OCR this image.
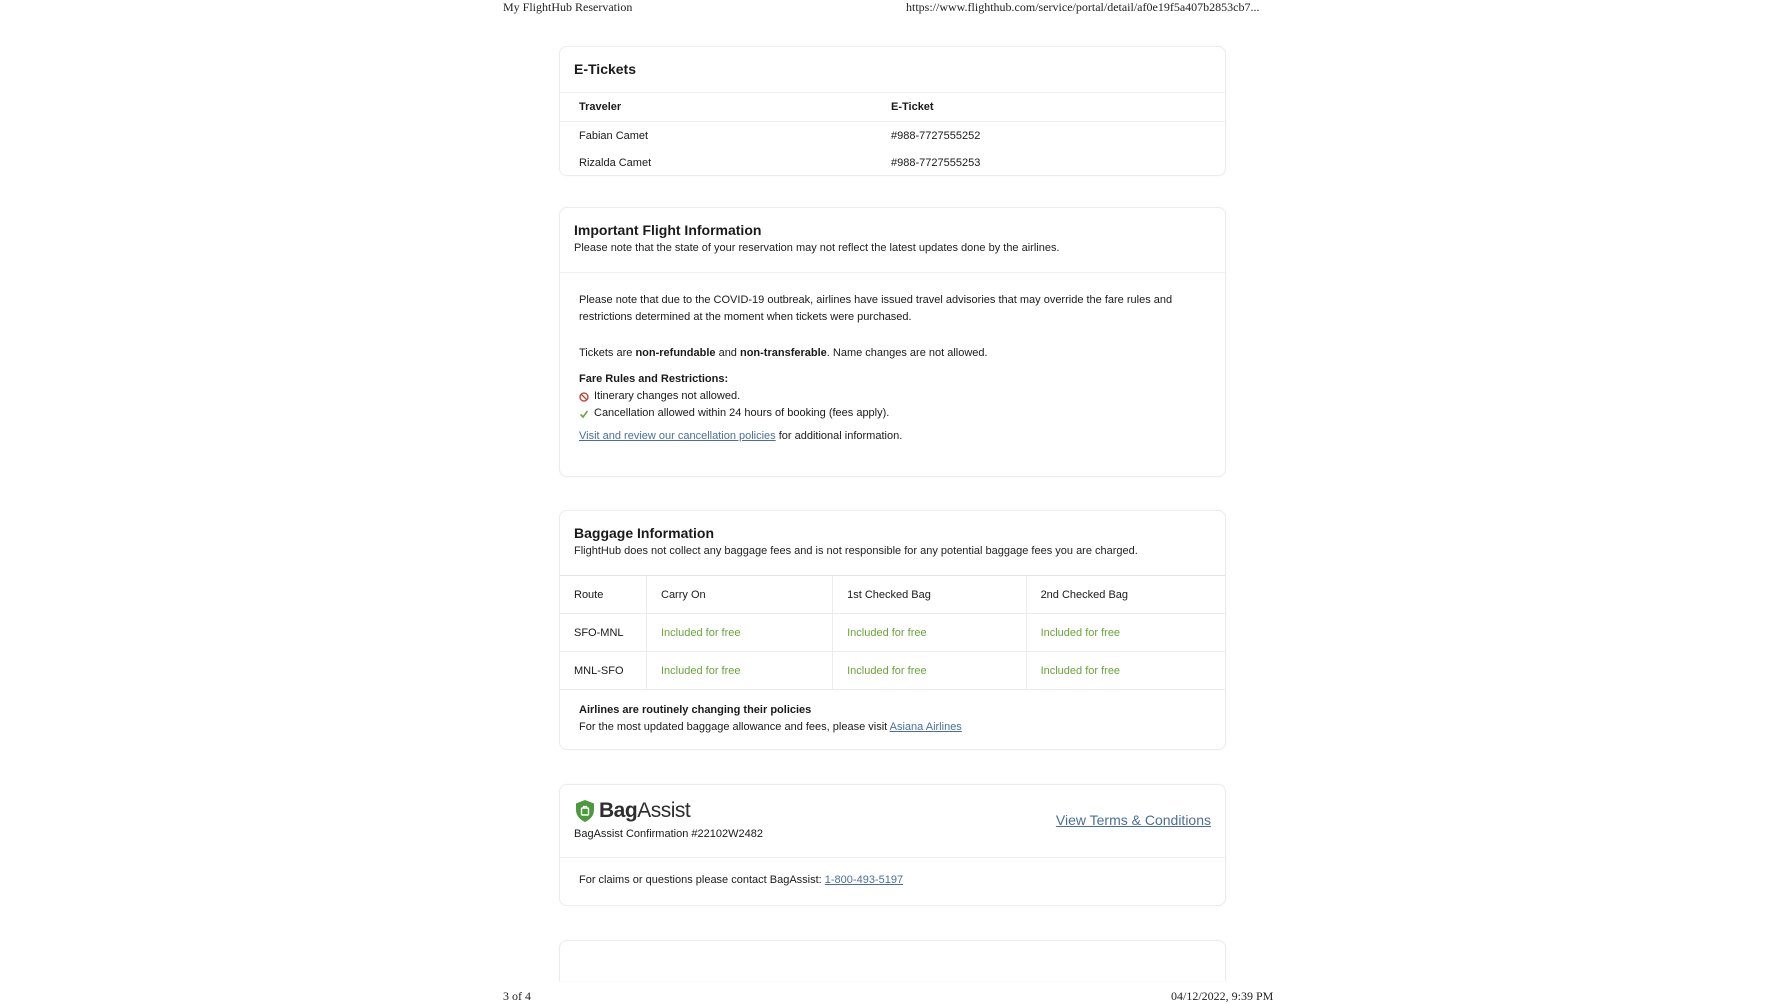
My FlightHub Reservation	https://www.flighthub.com/service/portal/detail/af0e19f5a407b2853cb7...
E-Tickets
Traveler	E-Ticket
Fabian Camet	#988-7727555252
Rizalda Camet	#988-7727555253
Important Flight Information
Please note that the state of your reservation may not reflect the latest updates done by the airlines.
Please note that due to the COVID-19 outbreak, airlines have issued travel advisories that may override the fare rules and restrictions determined at the moment when tickets were purchased.
Tickets are non-refundable and non-transferable. Name changes are not allowed.
Fare Rules and Restrictions:
Itinerary changes not allowed.
Cancellation allowed within 24 hours of booking (fees apply).
Visit and review our cancellation policies for additional information.
Baggage Information
FlightHub does not collect any baggage fees and is not responsible for any potential baggage fees you are charged.
Route	Carry On	1st Checked Bag	2nd Checked Bag
SFO-MNL	Included for free	Included for free	Included for free
MNL-SFO	Included for free	Included for free	Included for free
Airlines are routinely changing their policies
For the most updated baggage allowance and fees, please visit Asiana Airlines
Bag Assist
BagAssist Confirmation #22102W2482
View Terms & Conditions
For claims or questions please contact BagAssist: 1-800-493-5197
3 of 4	04/12/2022, 9:39 PM
